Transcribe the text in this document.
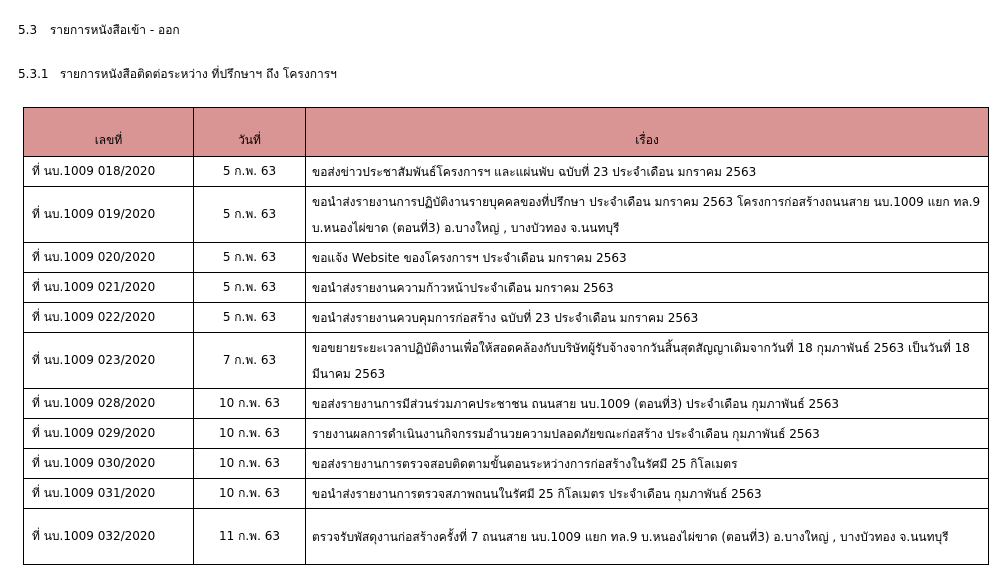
5.3 รายการหนังสือเข้า - ออก
5.3.1 รายการหนังสือติดต่อระหว่าง ที่ปรึกษาฯ ถึง โครงการฯ
เลขที่	วันที่	เรื่อง
ที่ นบ.1009 018/2020	5 ก.พ. 63	ขอส่งข่าวประชาสัมพันธ์โครงการฯ และแผ่นพับ ฉบับที่ 23 ประจำเดือน มกราคม 2563
ที่ นบ.1009 019/2020	5 ก.พ. 63	ขอนำส่งรายงานการปฏิบัติงานรายบุคคลของที่ปรึกษา ประจำเดือน มกราคม 2563 โครงการก่อสร้างถนนสาย นบ.1009 แยก ทล.9 บ.หนองไผ่ขาด (ตอนที่3) อ.บางใหญ่ , บางบัวทอง จ.นนทบุรี
ที่ นบ.1009 020/2020	5 ก.พ. 63	ขอแจ้ง Website ของโครงการฯ ประจำเดือน มกราคม 2563
ที่ นบ.1009 021/2020	5 ก.พ. 63	ขอนำส่งรายงานความก้าวหน้าประจำเดือน มกราคม 2563
ที่ นบ.1009 022/2020	5 ก.พ. 63	ขอนำส่งรายงานควบคุมการก่อสร้าง ฉบับที่ 23 ประจำเดือน มกราคม 2563
ที่ นบ.1009 023/2020	7 ก.พ. 63	ขอขยายระยะเวลาปฏิบัติงานเพื่อให้สอดคล้องกับบริษัทผู้รับจ้างจากวันสิ้นสุดสัญญาเดิมจากวันที่ 18 กุมภาพันธ์ 2563 เป็นวันที่ 18 มีนาคม 2563
ที่ นบ.1009 028/2020	10 ก.พ. 63	ขอส่งรายงานการมีส่วนร่วมภาคประชาชน ถนนสาย นบ.1009 (ตอนที่3) ประจำเดือน กุมภาพันธ์ 2563
ที่ นบ.1009 029/2020	10 ก.พ. 63	รายงานผลการดำเนินงานกิจกรรมอำนวยความปลอดภัยขณะก่อสร้าง ประจำเดือน กุมภาพันธ์ 2563
ที่ นบ.1009 030/2020	10 ก.พ. 63	ขอส่งรายงานการตรวจสอบติดตามขั้นตอนระหว่างการก่อสร้างในรัศมี 25 กิโลเมตร
ที่ นบ.1009 031/2020	10 ก.พ. 63	ขอนำส่งรายงานการตรวจสภาพถนนในรัศมี 25 กิโลเมตร ประจำเดือน กุมภาพันธ์ 2563
ที่ นบ.1009 032/2020	11 ก.พ. 63	ตรวจรับพัสดุงานก่อสร้างครั้งที่ 7 ถนนสาย นบ.1009 แยก ทล.9 บ.หนองไผ่ขาด (ตอนที่3) อ.บางใหญ่ , บางบัวทอง จ.นนทบุรี
